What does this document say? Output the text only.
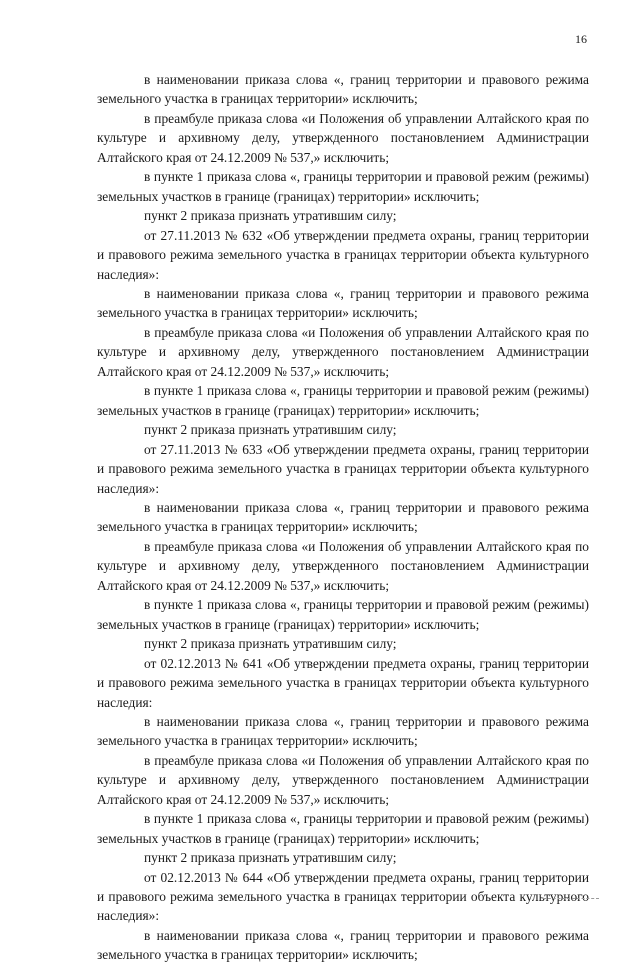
16

в наименовании приказа слова «, границ территории и правового режима земельного участка в границах территории» исключить;

в преамбуле приказа слова «и Положения об управлении Алтайского края по культуре и архивному делу, утвержденного постановлением Администрации Алтайского края от 24.12.2009 № 537,» исключить;

в пункте 1 приказа слова «, границы территории и правовой режим (режимы) земельных участков в границе (границах) территории» исключить;

пункт 2 приказа признать утратившим силу;

от 27.11.2013 № 632 «Об утверждении предмета охраны, границ территории и правового режима земельного участка в границах территории объекта культурного наследия»:

в наименовании приказа слова «, границ территории и правового режима земельного участка в границах территории» исключить;

в преамбуле приказа слова «и Положения об управлении Алтайского края по культуре и архивному делу, утвержденного постановлением Администрации Алтайского края от 24.12.2009 № 537,» исключить;

в пункте 1 приказа слова «, границы территории и правовой режим (режимы) земельных участков в границе (границах) территории» исключить;

пункт 2 приказа признать утратившим силу;

от 27.11.2013 № 633 «Об утверждении предмета охраны, границ территории и правового режима земельного участка в границах территории объекта культурного наследия»:

в наименовании приказа слова «, границ территории и правового режима земельного участка в границах территории» исключить;

в преамбуле приказа слова «и Положения об управлении Алтайского края по культуре и архивному делу, утвержденного постановлением Администрации Алтайского края от 24.12.2009 № 537,» исключить;

в пункте 1 приказа слова «, границы территории и правовой режим (режимы) земельных участков в границе (границах) территории» исключить;

пункт 2 приказа признать утратившим силу;

от 02.12.2013 № 641 «Об утверждении предмета охраны, границ территории и правового режима земельного участка в границах территории объекта культурного наследия:

в наименовании приказа слова «, границ территории и правового режима земельного участка в границах территории» исключить;

в преамбуле приказа слова «и Положения об управлении Алтайского края по культуре и архивному делу, утвержденного постановлением Администрации Алтайского края от 24.12.2009 № 537,» исключить;

в пункте 1 приказа слова «, границы территории и правовой режим (режимы) земельных участков в границе (границах) территории» исключить;

пункт 2 приказа признать утратившим силу;

от 02.12.2013 № 644 «Об утверждении предмета охраны, границ территории и правового режима земельного участка в границах территории объекта культурного наследия»:

в наименовании приказа слова «, границ территории и правового режима земельного участка в границах территории» исключить;
